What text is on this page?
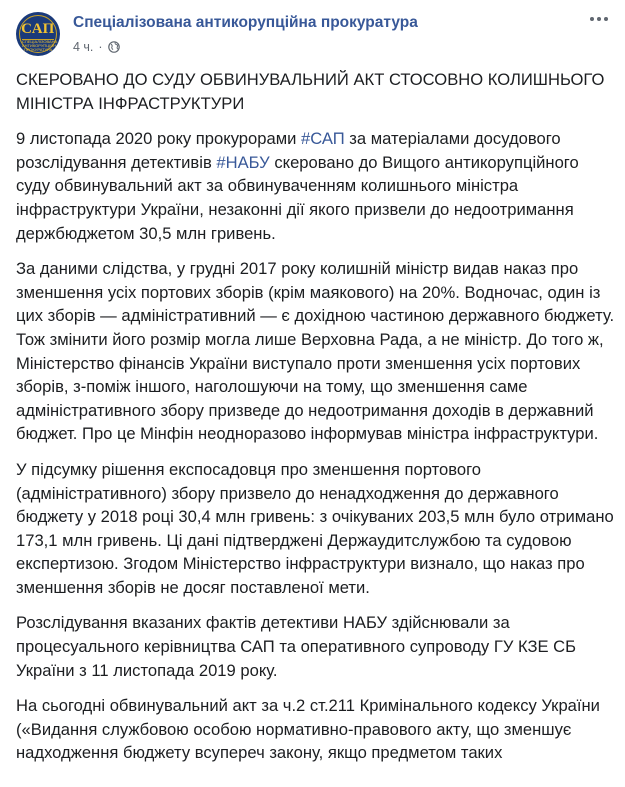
САП
СПЕЦІАЛІЗОВАНА АНТИКОРУПЦІЙНА ПРОКУРАТУРА
Спеціалізована антикорупційна прокуратура
4 ч. ·

СКЕРОВАНО ДО СУДУ ОБВИНУВАЛЬНИЙ АКТ СТОСОВНО КОЛИШНЬОГО МІНІСТРА ІНФРАСТРУКТУРИ

9 листопада 2020 року прокурорами #САП за матеріалами досудового розслідування детективів #НАБУ скеровано до Вищого антикорупційного суду обвинувальний акт за обвинуваченням колишнього міністра інфраструктури України, незаконні дії якого призвели до недоотримання держбюджетом 30,5 млн гривень.

За даними слідства, у грудні 2017 року колишній міністр видав наказ про зменшення усіх портових зборів (крім маякового) на 20%. Водночас, один із цих зборів — адміністративний — є дохідною частиною державного бюджету. Тож змінити його розмір могла лише Верховна Рада, а не міністр. До того ж, Міністерство фінансів України виступало проти зменшення усіх портових зборів, з-поміж іншого, наголошуючи на тому, що зменшення саме адміністративного збору призведе до недоотримання доходів в державний бюджет. Про це Мінфін неодноразово інформував міністра інфраструктури.

У підсумку рішення експосадовця про зменшення портового (адміністративного) збору призвело до ненадходження до державного бюджету у 2018 році 30,4 млн гривень: з очікуваних 203,5 млн було отримано 173,1 млн гривень. Ці дані підтверджені Держаудитслужбою та судовою експертизою. Згодом Міністерство інфраструктури визнало, що наказ про зменшення зборів не досяг поставленої мети.

Розслідування вказаних фактів детективи НАБУ здійснювали за процесуального керівництва САП та оперативного супроводу ГУ КЗЕ СБ України з 11 листопада 2019 року.

На сьогодні обвинувальний акт за ч.2 ст.211 Кримінального кодексу України («Видання службовою особою нормативно-правового акту, що зменшує надходження бюджету всупереч закону, якщо предметом таких
